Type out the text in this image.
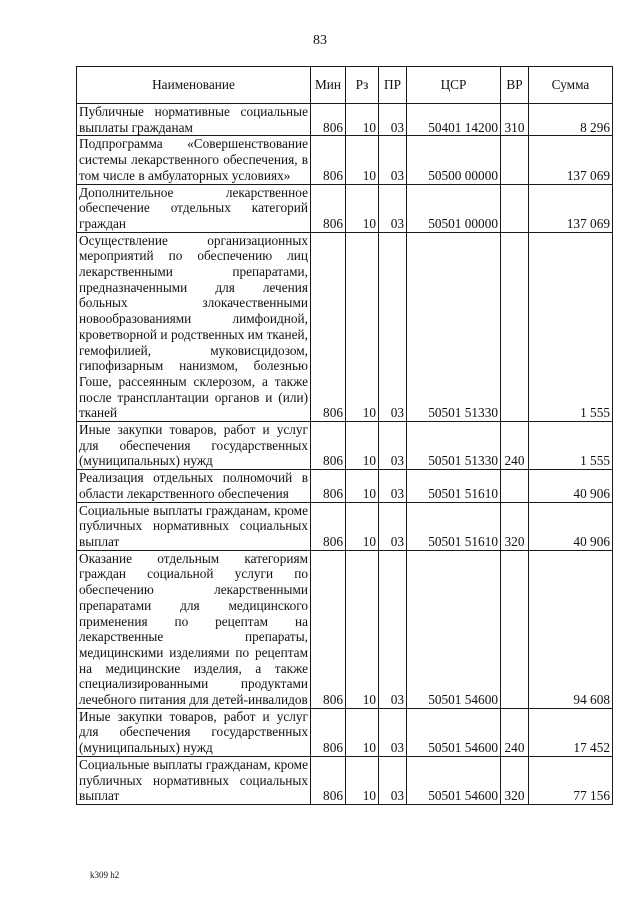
83
Наименование	Мин	Рз	ПР	ЦСР	ВР	Сумма
Публичные нормативные социальные выплаты гражданам	806	10	03	50401 14200	310	8 296
Подпрограмма «Совершенствование системы лекарственного обеспечения, в том числе в амбулаторных условиях»	806	10	03	50500 00000		137 069
Дополнительное лекарственное обеспечение отдельных категорий граждан	806	10	03	50501 00000		137 069
Осуществление организационных мероприятий по обеспечению лиц лекарственными препаратами, предназначенными для лечения больных злокачественными новообразованиями лимфоидной, кроветворной и родственных им тканей, гемофилией, муковисцидозом, гипофизарным нанизмом, болезнью Гоше, рассеянным склерозом, а также после трансплантации органов и (или) тканей	806	10	03	50501 51330		1 555
Иные закупки товаров, работ и услуг для обеспечения государственных (муниципальных) нужд	806	10	03	50501 51330	240	1 555
Реализация отдельных полномочий в области лекарственного обеспечения	806	10	03	50501 51610		40 906
Социальные выплаты гражданам, кроме публичных нормативных социальных выплат	806	10	03	50501 51610	320	40 906
Оказание отдельным категориям граждан социальной услуги по обеспечению лекарственными препаратами для медицинского применения по рецептам на лекарственные препараты, медицинскими изделиями по рецептам на медицинские изделия, а также специализированными продуктами лечебного питания для детей-инвалидов	806	10	03	50501 54600		94 608
Иные закупки товаров, работ и услуг для обеспечения государственных (муниципальных) нужд	806	10	03	50501 54600	240	17 452
Социальные выплаты гражданам, кроме публичных нормативных социальных выплат	806	10	03	50501 54600	320	77 156
k309 h2
